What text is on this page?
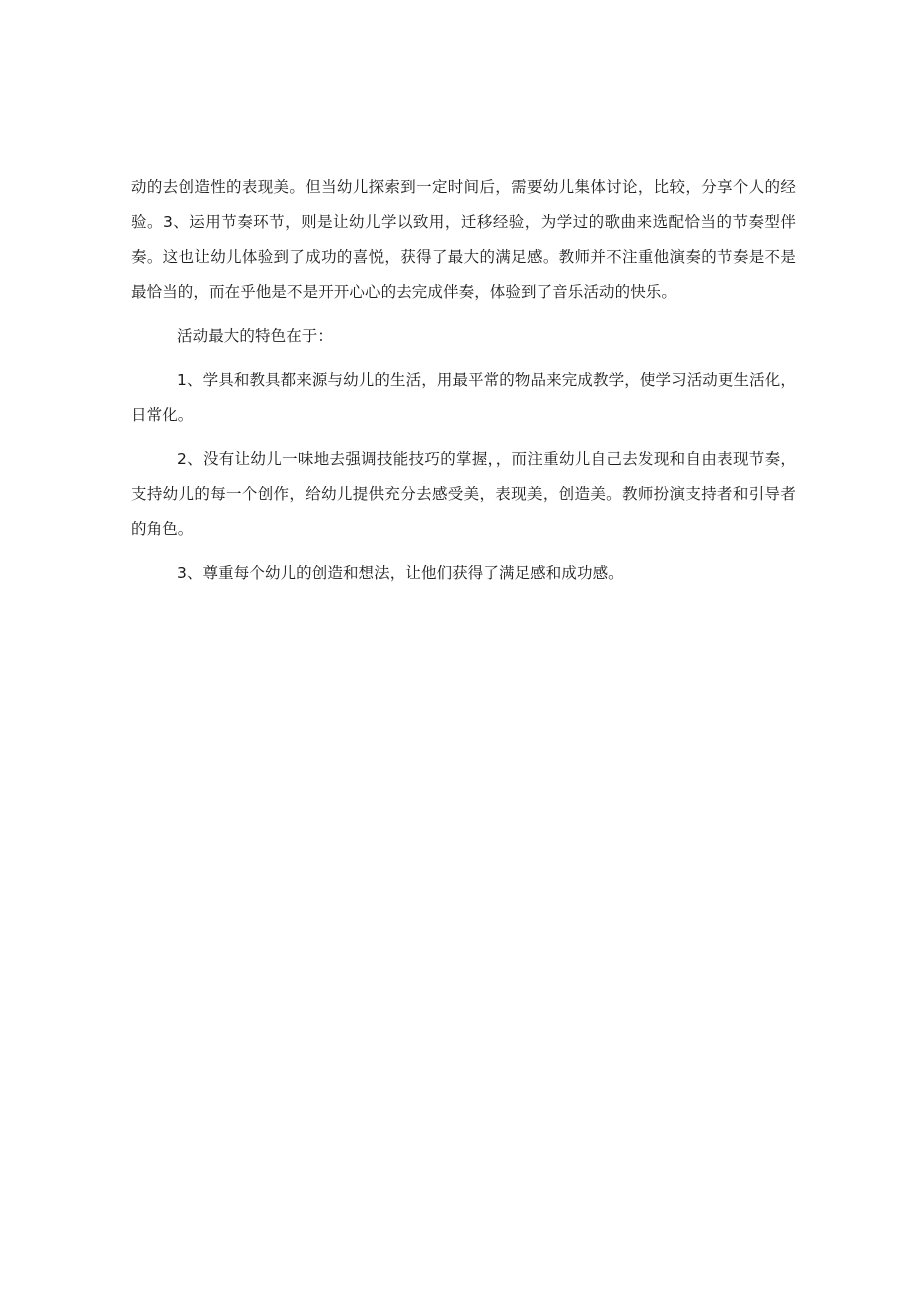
动的去创造性的表现美。但当幼儿探索到一定时间后，需要幼儿集体讨论，比较，分享个人的经验。3、运用节奏环节，则是让幼儿学以致用，迁移经验，为学过的歌曲来选配恰当的节奏型伴奏。这也让幼儿体验到了成功的喜悦，获得了最大的满足感。教师并不注重他演奏的节奏是不是最恰当的，而在乎他是不是开开心心的去完成伴奏，体验到了音乐活动的快乐。

活动最大的特色在于：

1、学具和教具都来源与幼儿的生活，用最平常的物品来完成教学，使学习活动更生活化，日常化。

2、没有让幼儿一味地去强调技能技巧的掌握，，而注重幼儿自己去发现和自由表现节奏，支持幼儿的每一个创作，给幼儿提供充分去感受美，表现美，创造美。教师扮演支持者和引导者的角色。

3、尊重每个幼儿的创造和想法，让他们获得了满足感和成功感。
